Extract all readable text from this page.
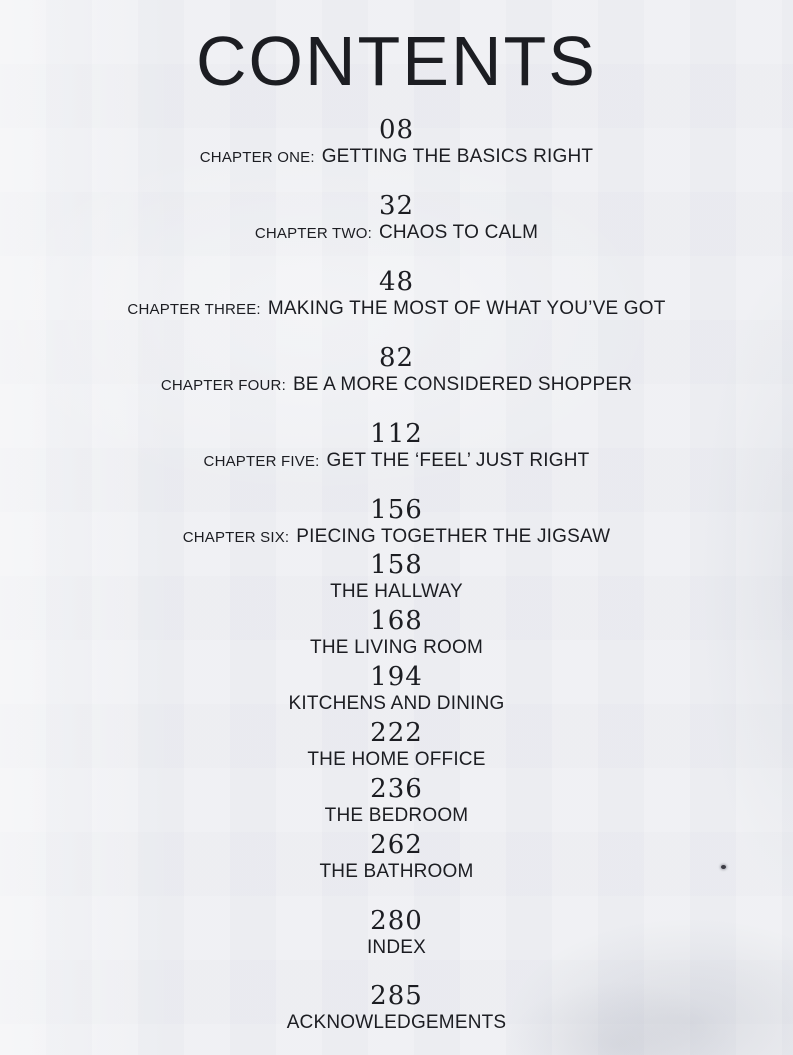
CONTENTS
08
CHAPTER ONE: GETTING THE BASICS RIGHT
32
CHAPTER TWO: CHAOS TO CALM
48
CHAPTER THREE: MAKING THE MOST OF WHAT YOU’VE GOT
82
CHAPTER FOUR: BE A MORE CONSIDERED SHOPPER
112
CHAPTER FIVE: GET THE ‘FEEL’ JUST RIGHT
156
CHAPTER SIX: PIECING TOGETHER THE JIGSAW
158
THE HALLWAY
168
THE LIVING ROOM
194
KITCHENS AND DINING
222
THE HOME OFFICE
236
THE BEDROOM
262
THE BATHROOM
280
INDEX
285
ACKNOWLEDGEMENTS
